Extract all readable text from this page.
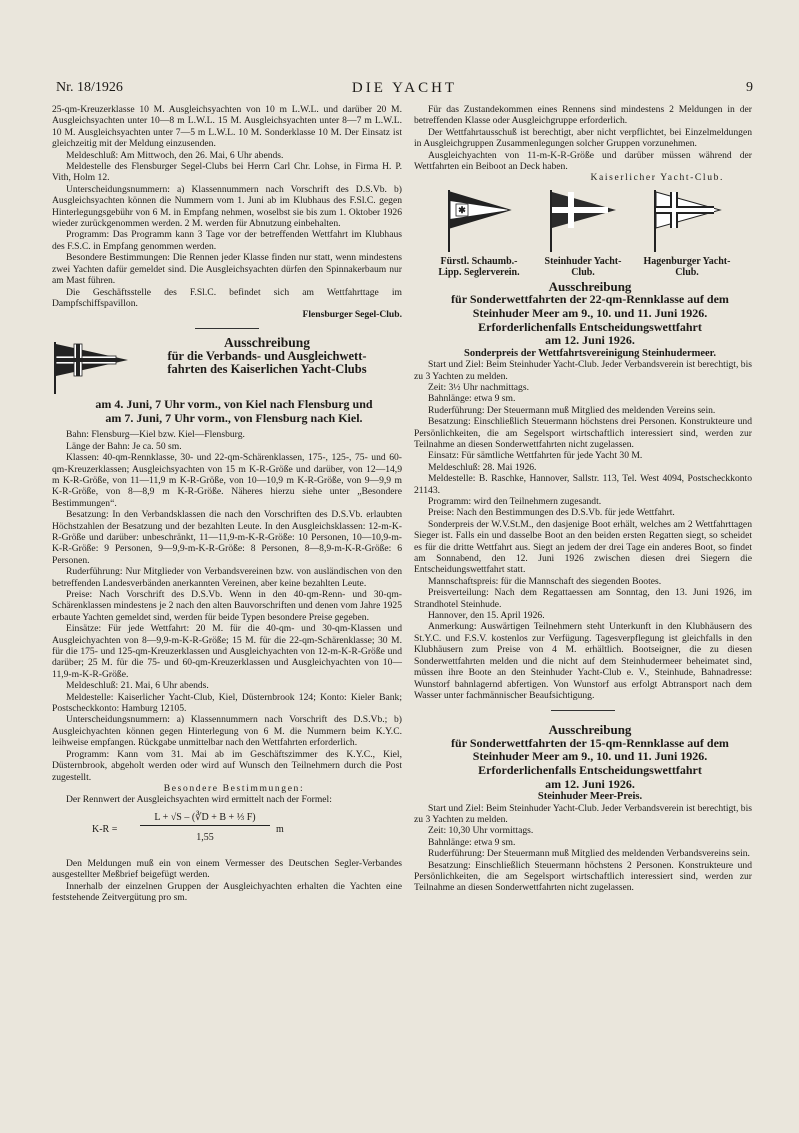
Nr. 18/1926	DIE YACHT	9

25-qm-Kreuzerklasse 10 M. Ausgleichsyachten von 10 m L.W.L. und darüber 20 M. Ausgleichsyachten unter 10—8 m L.W.L. 15 M. Ausgleichsyachten unter 8—7 m L.W.L. 10 M. Ausgleichsyachten unter 7—5 m L.W.L. 10 M. Sonderklasse 10 M. Der Einsatz ist gleichzeitig mit der Meldung einzusenden.

Meldeschluß: Am Mittwoch, den 26. Mai, 6 Uhr abends.

Meldestelle des Flensburger Segel-Clubs bei Herrn Carl Chr. Lohse, in Firma H. P. Vith, Holm 12.

Unterscheidungsnummern: a) Klassennummern nach Vorschrift des D.S.Vb. b) Ausgleichsyachten können die Nummern vom 1. Juni ab im Klubhaus des F.Sl.C. gegen Hinterlegungsgebühr von 6 M. in Empfang nehmen, woselbst sie bis zum 1. Oktober 1926 wieder zurückgenommen werden. 2 M. werden für Abnutzung einbehalten.

Programm: Das Programm kann 3 Tage vor der betreffenden Wettfahrt im Klubhaus des F.S.C. in Empfang genommen werden.

Besondere Bestimmungen: Die Rennen jeder Klasse finden nur statt, wenn mindestens zwei Yachten dafür gemeldet sind. Die Ausgleichsyachten dürfen den Spinnakerbaum nur am Mast führen.

Die Geschäftsstelle des F.Sl.C. befindet sich am Wettfahrttage im Dampfschiffspavillon.

Flensburger Segel-Club.

Ausschreibung
für die Verbands- und Ausgleichwett-
fahrten des Kaiserlichen Yacht-Clubs

am 4. Juni, 7 Uhr vorm., von Kiel nach Flensburg und

am 7. Juni, 7 Uhr vorm., von Flensburg nach Kiel.

Bahn: Flensburg—Kiel bzw. Kiel—Flensburg.

Länge der Bahn: Je ca. 50 sm.

Klassen: 40-qm-Rennklasse, 30- und 22-qm-Schärenklassen, 175-, 125-, 75- und 60-qm-Kreuzerklassen; Ausgleichsyachten von 15 m K-R-Größe und darüber, von 12—14,9 m K-R-Größe, von 11—11,9 m K-R-Größe, von 10—10,9 m K-R-Größe, von 9—9,9 m K-R-Größe, von 8—8,9 m K-R-Größe. Näheres hierzu siehe unter „Besondere Bestimmungen“.

Besatzung: In den Verbandsklassen die nach den Vorschriften des D.S.Vb. erlaubten Höchstzahlen der Besatzung und der bezahlten Leute. In den Ausgleichsklassen: 12-m-K-R-Größe und darüber: unbeschränkt, 11—11,9-m-K-R-Größe: 10 Personen, 10—10,9-m-K-R-Größe: 9 Personen, 9—9,9-m-K-R-Größe: 8 Personen, 8—8,9-m-K-R-Größe: 6 Personen.

Ruderführung: Nur Mitglieder von Verbandsvereinen bzw. von ausländischen von den betreffenden Landesverbänden anerkannten Vereinen, aber keine bezahlten Leute.

Preise: Nach Vorschrift des D.S.Vb. Wenn in den 40-qm-Renn- und 30-qm-Schärenklassen mindestens je 2 nach den alten Bauvorschriften und denen vom Jahre 1925 erbaute Yachten gemeldet sind, werden für beide Typen besondere Preise gegeben.

Einsätze: Für jede Wettfahrt: 20 M. für die 40-qm- und 30-qm-Klassen und Ausgleichyachten von 8—9,9-m-K-R-Größe; 15 M. für die 22-qm-Schärenklasse; 30 M. für die 175- und 125-qm-Kreuzerklassen und Ausgleichyachten von 12-m-K-R-Größe und darüber; 25 M. für die 75- und 60-qm-Kreuzerklassen und Ausgleichyachten von 10—11,9-m-K-R-Größe.

Meldeschluß: 21. Mai, 6 Uhr abends.

Meldestelle: Kaiserlicher Yacht-Club, Kiel, Düsternbrook 124; Konto: Kieler Bank; Postscheckkonto: Hamburg 12105.

Unterscheidungsnummern: a) Klassennummern nach Vorschrift des D.S.Vb.; b) Ausgleichyachten können gegen Hinterlegung von 6 M. die Nummern beim K.Y.C. leihweise empfangen. Rückgabe unmittelbar nach den Wettfahrten erforderlich.

Programm: Kann vom 31. Mai ab im Geschäftszimmer des K.Y.C., Kiel, Düsternbrook, abgeholt werden oder wird auf Wunsch den Teilnehmern durch die Post zugestellt.

Besondere Bestimmungen:

Der Rennwert der Ausgleichsyachten wird ermittelt nach der Formel:

K-R =
L + √S – (∛D + B + ⅓ F)
1,55
m

Den Meldungen muß ein von einem Vermesser des Deutschen Segler-Verbandes ausgestellter Meßbrief beigefügt werden.

Innerhalb der einzelnen Gruppen der Ausgleichyachten erhalten die Yachten eine feststehende Zeitvergütung pro sm.

Für das Zustandekommen eines Rennens sind mindestens 2 Meldungen in der betreffenden Klasse oder Ausgleichgruppe erforderlich.

Der Wettfahrtausschuß ist berechtigt, aber nicht verpflichtet, bei Einzelmeldungen in Ausgleichgruppen Zusammenlegungen solcher Gruppen vorzunehmen.

Ausgleichyachten von 11-m-K-R-Größe und darüber müssen während der Wettfahrten ein Beiboot an Deck haben.

Kaiserlicher Yacht-Club.

✱
Fürstl. Schaumb.-Lipp. Seglerverein.
Steinhuder Yacht-Club.
Hagenburger Yacht-Club.

Ausschreibung

für Sonderwettfahrten der 22-qm-Rennklasse auf dem

Steinhuder Meer am 9., 10. und 11. Juni 1926.

Erforderlichenfalls Entscheidungswettfahrt

am 12. Juni 1926.

Sonderpreis der Wettfahrtsvereinigung Steinhudermeer.

Start und Ziel: Beim Steinhuder Yacht-Club. Jeder Verbandsverein ist berechtigt, bis zu 3 Yachten zu melden.

Zeit: 3½ Uhr nachmittags.

Bahnlänge: etwa 9 sm.

Ruderführung: Der Steuermann muß Mitglied des meldenden Vereins sein.

Besatzung: Einschließlich Steuermann höchstens drei Personen. Konstrukteure und Persönlichkeiten, die am Segelsport wirtschaftlich interessiert sind, werden zur Teilnahme an diesen Sonderwettfahrten nicht zugelassen.

Einsatz: Für sämtliche Wettfahrten für jede Yacht 30 M.

Meldeschluß: 28. Mai 1926.

Meldestelle: B. Raschke, Hannover, Sallstr. 113, Tel. West 4094, Postscheckkonto 21143.

Programm: wird den Teilnehmern zugesandt.

Preise: Nach den Bestimmungen des D.S.Vb. für jede Wettfahrt.

Sonderpreis der W.V.St.M., den dasjenige Boot erhält, welches am 2 Wettfahrttagen Sieger ist. Falls ein und dasselbe Boot an den beiden ersten Regatten siegt, so scheidet es für die dritte Wettfahrt aus. Siegt an jedem der drei Tage ein anderes Boot, so findet am Sonnabend, den 12. Juni 1926 zwischen diesen drei Siegern die Entscheidungswettfahrt statt.

Mannschaftspreis: für die Mannschaft des siegenden Bootes.

Preisverteilung: Nach dem Regattaessen am Sonntag, den 13. Juni 1926, im Strandhotel Steinhude.

Hannover, den 15. April 1926.

Anmerkung: Auswärtigen Teilnehmern steht Unterkunft in den Klubhäusern des St.Y.C. und F.S.V. kostenlos zur Verfügung. Tagesverpflegung ist gleichfalls in den Klubhäusern zum Preise von 4 M. erhältlich. Bootseigner, die zu diesen Sonderwettfahrten melden und die nicht auf dem Steinhudermeer beheimatet sind, müssen ihre Boote an den Steinhuder Yacht-Club e. V., Steinhude, Bahnadresse: Wunstorf bahnlagernd abfertigen. Von Wunstorf aus erfolgt Abtransport nach dem Wasser unter fachmännischer Beaufsichtigung.

Ausschreibung

für Sonderwettfahrten der 15-qm-Rennklasse auf dem

Steinhuder Meer am 9., 10. und 11. Juni 1926.

Erforderlichenfalls Entscheidungswettfahrt

am 12. Juni 1926.

Steinhuder Meer-Preis.

Start und Ziel: Beim Steinhuder Yacht-Club. Jeder Verbandsverein ist berechtigt, bis zu 3 Yachten zu melden.

Zeit: 10,30 Uhr vormittags.

Bahnlänge: etwa 9 sm.

Ruderführung: Der Steuermann muß Mitglied des meldenden Verbandsvereins sein.

Besatzung: Einschließlich Steuermann höchstens 2 Personen. Konstrukteure und Persönlichkeiten, die am Segelsport wirtschaftlich interessiert sind, werden zur Teilnahme an diesen Sonderwettfahrten nicht zugelassen.
